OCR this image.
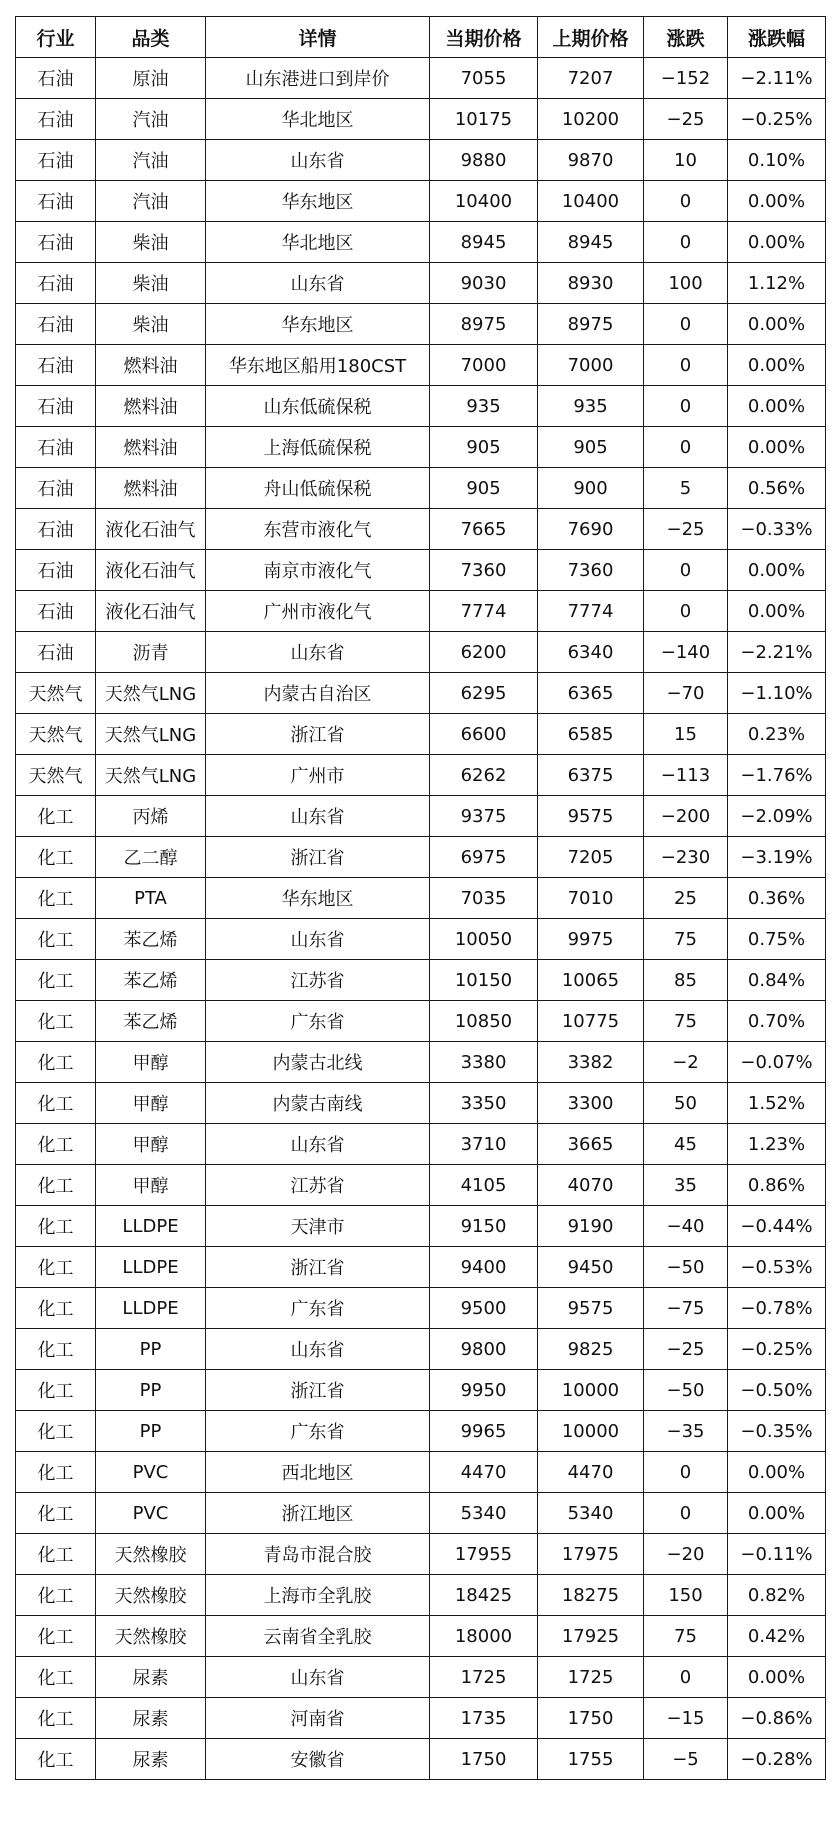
行业	品类	详情	当期价格	上期价格	涨跌	涨跌幅
石油	原油	山东港进口到岸价	7055	7207	−152	−2.11%
石油	汽油	华北地区	10175	10200	−25	−0.25%
石油	汽油	山东省	9880	9870	10	0.10%
石油	汽油	华东地区	10400	10400	0	0.00%
石油	柴油	华北地区	8945	8945	0	0.00%
石油	柴油	山东省	9030	8930	100	1.12%
石油	柴油	华东地区	8975	8975	0	0.00%
石油	燃料油	华东地区船用180CST	7000	7000	0	0.00%
石油	燃料油	山东低硫保税	935	935	0	0.00%
石油	燃料油	上海低硫保税	905	905	0	0.00%
石油	燃料油	舟山低硫保税	905	900	5	0.56%
石油	液化石油气	东营市液化气	7665	7690	−25	−0.33%
石油	液化石油气	南京市液化气	7360	7360	0	0.00%
石油	液化石油气	广州市液化气	7774	7774	0	0.00%
石油	沥青	山东省	6200	6340	−140	−2.21%
天然气	天然气LNG	内蒙古自治区	6295	6365	−70	−1.10%
天然气	天然气LNG	浙江省	6600	6585	15	0.23%
天然气	天然气LNG	广州市	6262	6375	−113	−1.76%
化工	丙烯	山东省	9375	9575	−200	−2.09%
化工	乙二醇	浙江省	6975	7205	−230	−3.19%
化工	PTA	华东地区	7035	7010	25	0.36%
化工	苯乙烯	山东省	10050	9975	75	0.75%
化工	苯乙烯	江苏省	10150	10065	85	0.84%
化工	苯乙烯	广东省	10850	10775	75	0.70%
化工	甲醇	内蒙古北线	3380	3382	−2	−0.07%
化工	甲醇	内蒙古南线	3350	3300	50	1.52%
化工	甲醇	山东省	3710	3665	45	1.23%
化工	甲醇	江苏省	4105	4070	35	0.86%
化工	LLDPE	天津市	9150	9190	−40	−0.44%
化工	LLDPE	浙江省	9400	9450	−50	−0.53%
化工	LLDPE	广东省	9500	9575	−75	−0.78%
化工	PP	山东省	9800	9825	−25	−0.25%
化工	PP	浙江省	9950	10000	−50	−0.50%
化工	PP	广东省	9965	10000	−35	−0.35%
化工	PVC	西北地区	4470	4470	0	0.00%
化工	PVC	浙江地区	5340	5340	0	0.00%
化工	天然橡胶	青岛市混合胶	17955	17975	−20	−0.11%
化工	天然橡胶	上海市全乳胶	18425	18275	150	0.82%
化工	天然橡胶	云南省全乳胶	18000	17925	75	0.42%
化工	尿素	山东省	1725	1725	0	0.00%
化工	尿素	河南省	1735	1750	−15	−0.86%
化工	尿素	安徽省	1750	1755	−5	−0.28%
